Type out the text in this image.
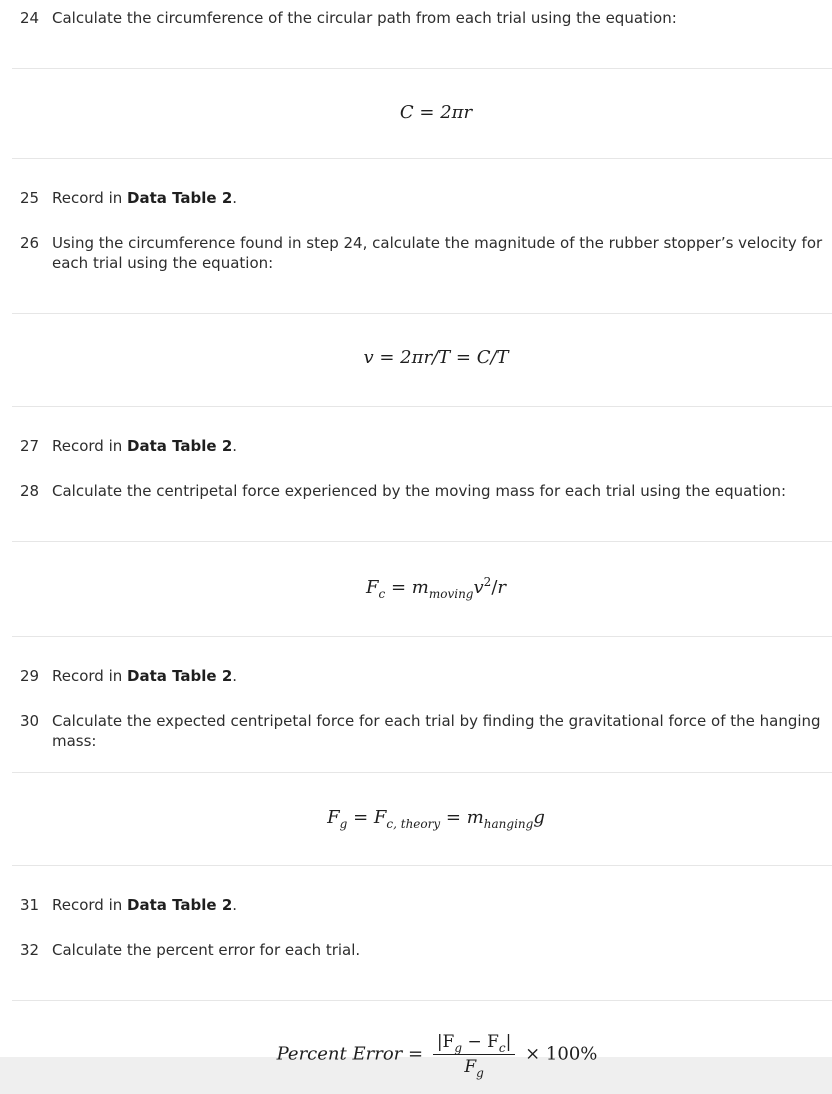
24 Calculate the circumference of the circular path from each trial using the equation:
C = 2πr
25 Record in Data Table 2.
26 Using the circumference found in step 24, calculate the magnitude of the rubber stopper’s velocity for each trial using the equation:
v = 2πr/T = C/T
27 Record in Data Table 2.
28 Calculate the centripetal force experienced by the moving mass for each trial using the equation:
$F_c = m_{moving}v^2/r$
29 Record in Data Table 2.
30 Calculate the expected centripetal force for each trial by finding the gravitational force of the hanging mass:
$F_g = F_{c, theory} = m_{hanging}g$
31 Record in Data Table 2.
32 Calculate the percent error for each trial.
Percent Error = $\frac{|F_g - F_c|}{F_g} \times 100\%$
